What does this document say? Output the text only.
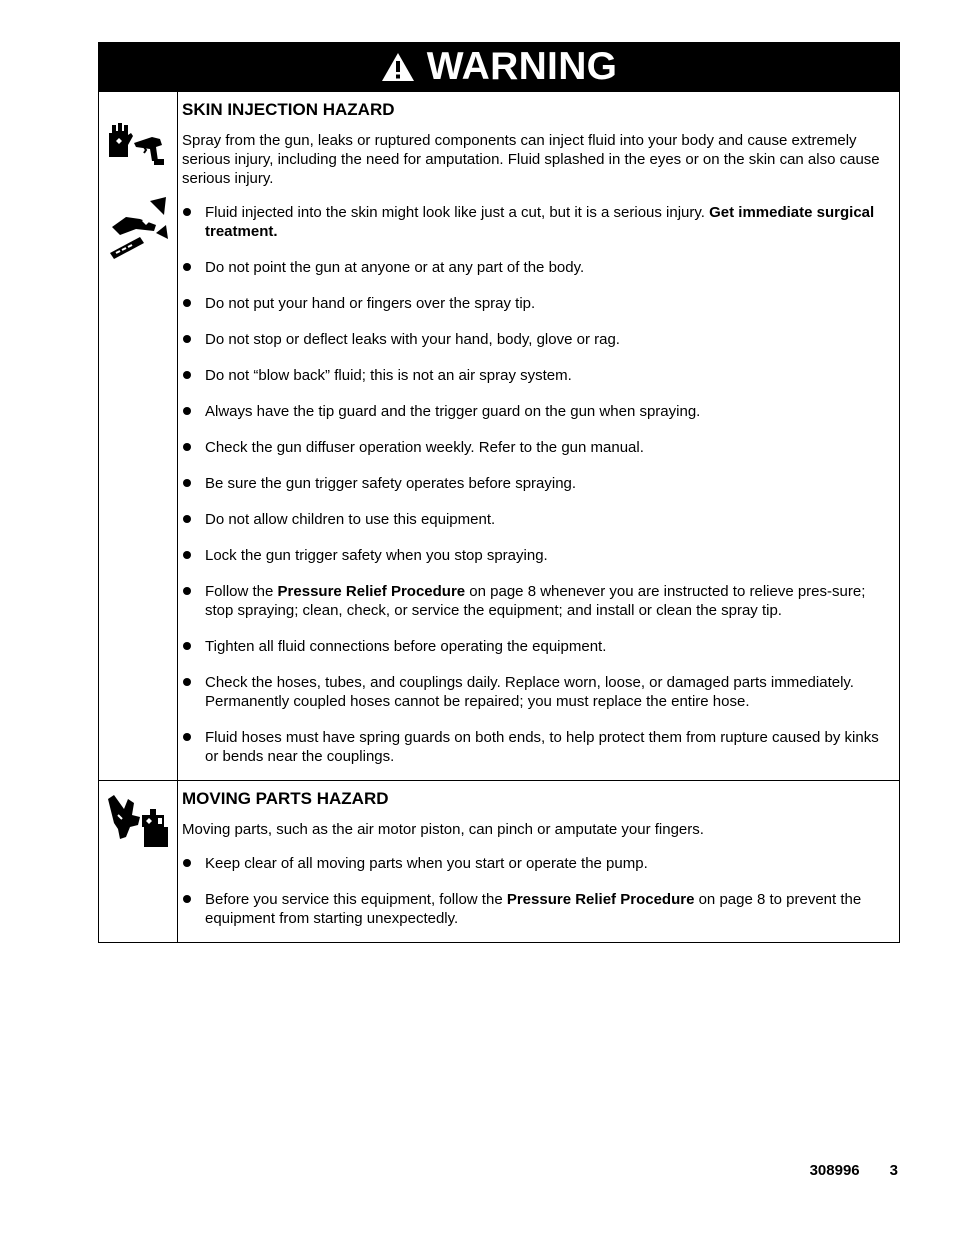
WARNING
SKIN INJECTION HAZARD

Spray from the gun, leaks or ruptured components can inject fluid into your body and cause extremely serious injury, including the need for amputation. Fluid splashed in the eyes or on the skin can also cause serious injury.

Fluid injected into the skin might look like just a cut, but it is a serious injury. Get immediate surgical treatment.
Do not point the gun at anyone or at any part of the body.
Do not put your hand or fingers over the spray tip.
Do not stop or deflect leaks with your hand, body, glove or rag.
Do not “blow back” fluid; this is not an air spray system.
Always have the tip guard and the trigger guard on the gun when spraying.
Check the gun diffuser operation weekly. Refer to the gun manual.
Be sure the gun trigger safety operates before spraying.
Do not allow children to use this equipment.
Lock the gun trigger safety when you stop spraying.
Follow the Pressure Relief Procedure on page 8 whenever you are instructed to relieve pres-sure; stop spraying; clean, check, or service the equipment; and install or clean the spray tip.
Tighten all fluid connections before operating the equipment.
Check the hoses, tubes, and couplings daily. Replace worn, loose, or damaged parts immediately. Permanently coupled hoses cannot be repaired; you must replace the entire hose.
Fluid hoses must have spring guards on both ends, to help protect them from rupture caused by kinks or bends near the couplings.
MOVING PARTS HAZARD

Moving parts, such as the air motor piston, can pinch or amputate your fingers.

Keep clear of all moving parts when you start or operate the pump.
Before you service this equipment, follow the Pressure Relief Procedure on page 8 to prevent the equipment from starting unexpectedly.
308996 3
